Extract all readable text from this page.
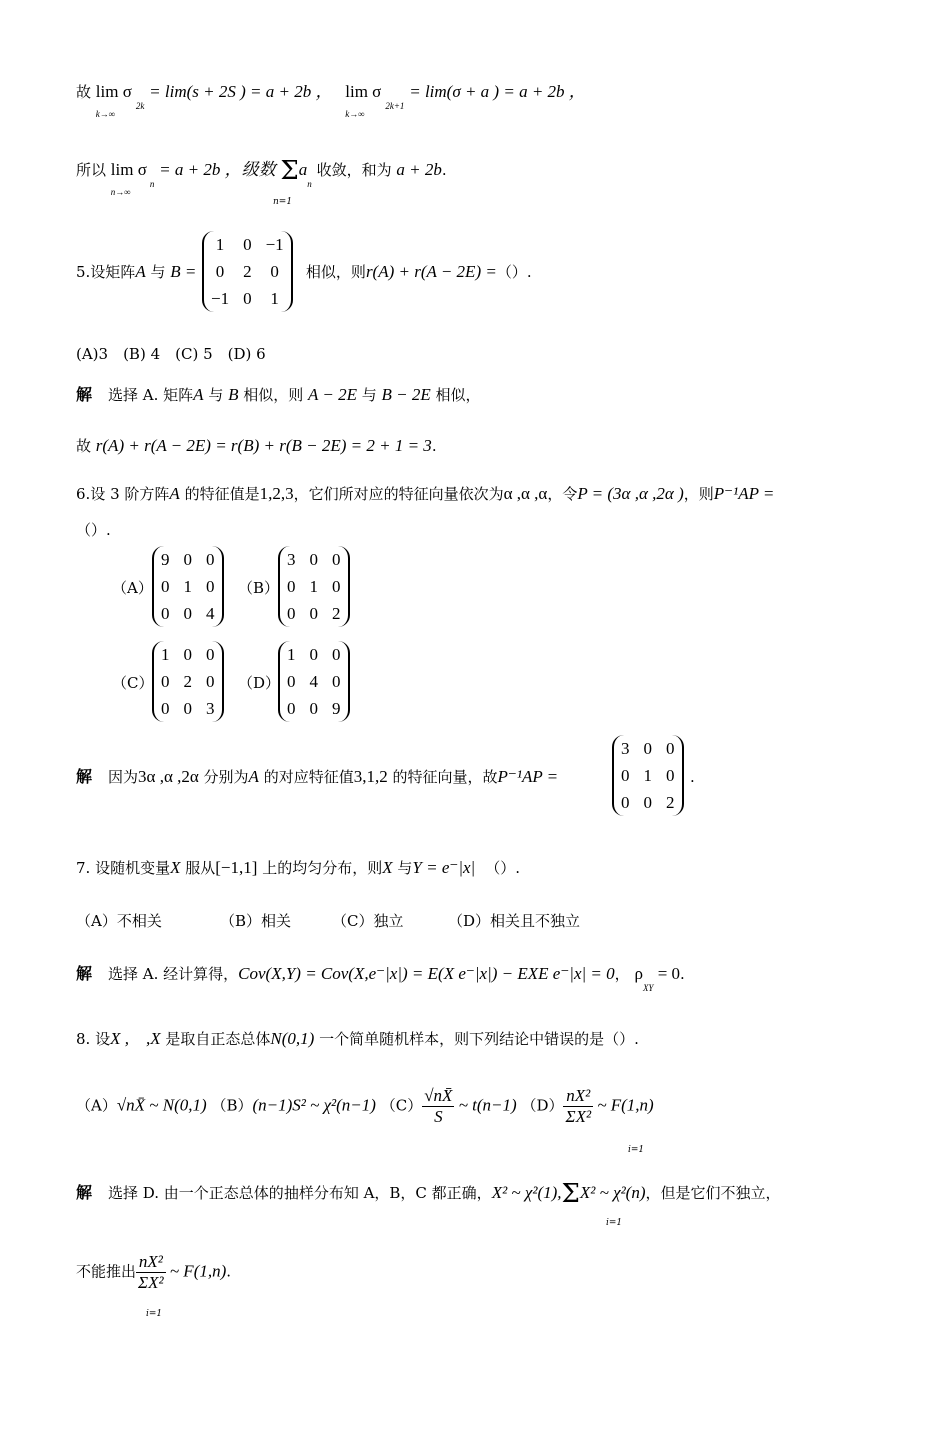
故 lim σ
k→∞
$_{2k}$ = lim(s + 2S ) = a + 2b ， lim σ
k→∞
$_{2k+1}$ = lim(σ + a ) = a + 2b ，
所以 lim σ
n→∞
$_n$ = a + 2b ，级数 $\Sigma a_n$ 收敛，和为 a + 2b.
n=1
5.设矩阵A 与 B =	相似，则r(A) + r(A − 2E) =（）.
1	0	−1
0	2	0
−1	0	1
(A)3　(B) 4　(C) 5　(D) 6
解 选择 A. 矩阵A 与 B 相似，则 A − 2E 与 B − 2E 相似，
故 r(A) + r(A − 2E) = r(B) + r(B − 2E) = 2 + 1 = 3.
6.设 3 阶方阵A 的特征值是1,2,3，它们所对应的特征向量依次为α ,α ,α，令P = (3α ,α ,2α )，则P⁻¹AP =
（）.
（A）
9	0	0
0	1	0
0	0	4
（B）
3	0	0
0	1	0
0	0	2
（C）
1	0	0
0	2	0
0	0	3
（D）
1	0	0
0	4	0
0	0	9
解 因为3α ,α ,2α 分别为A 的对应特征值3,1,2 的特征向量，故P⁻¹AP =
3	0	0
0	1	0
0	0	2
.
7. 设随机变量X 服从[−1,1] 上的均匀分布，则X 与Y = e⁻|x| （）.
（A）不相关	（B）相关	（C）独立	（D）相关且不独立
解 选择 A. 经计算得，Cov(X,Y) = Cov(X,e⁻|x|) = E(X e⁻|x|) − EXE e⁻|x| = 0， $\rho_{XY} = 0$.
8. 设X ,　,X 是取自正态总体N(0,1) 一个简单随机样本，则下列结论中错误的是（）.
（A）√nX̄ ~ N(0,1) （B）(n−1)S² ~ χ²(n−1) $(C) \frac{√nX̄}{S}$ ~ t(n−1) $(D) \frac{\text{nX²}}{\text{ΣX²}}$ ~ F(1,n)
i=1
解 选择 D. 由一个正态总体的抽样分布知 A，B，C 都正确，X² ~ χ²(1),ΣX² ~ χ²(n)，但是它们不独立，
i=1
不能推出 $\frac{\text{nX²}}{\text{ΣX²}}$ ~ F(1,n).
i=1
